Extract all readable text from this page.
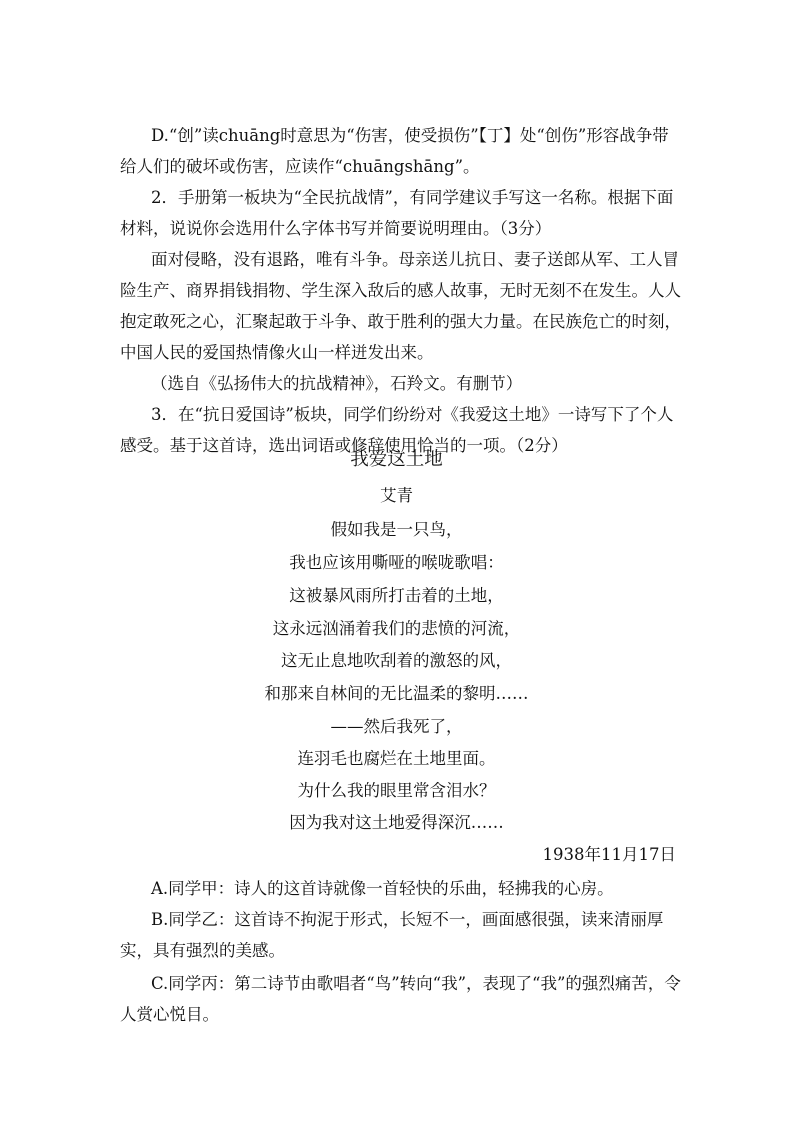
D.“创”读chuāng时意思为“伤害，使受损伤”【丁】处“创伤”形容战争带给人们的破坏或伤害，应读作“chuāngshāng”。

2．手册第一板块为“全民抗战情”，有同学建议手写这一名称。根据下面材料，说说你会选用什么字体书写并简要说明理由。（3分）

面对侵略，没有退路，唯有斗争。母亲送儿抗日、妻子送郎从军、工人冒险生产、商界捐钱捐物、学生深入敌后的感人故事，无时无刻不在发生。人人抱定敢死之心，汇聚起敢于斗争、敢于胜利的强大力量。在民族危亡的时刻，中国人民的爱国热情像火山一样迸发出来。

（选自《弘扬伟大的抗战精神》，石羚文。有删节）

3．在“抗日爱国诗”板块，同学们纷纷对《我爱这土地》一诗写下了个人感受。基于这首诗，选出词语或修辞使用恰当的一项。（2分）

我爱这土地
艾青
假如我是一只鸟，
我也应该用嘶哑的喉咙歌唱：
这被暴风雨所打击着的土地，
这永远汹涌着我们的悲愤的河流，
这无止息地吹刮着的激怒的风，
和那来自林间的无比温柔的黎明……
——然后我死了，
连羽毛也腐烂在土地里面。
为什么我的眼里常含泪水？
因为我对这土地爱得深沉……
1938年11月17日

A.同学甲：诗人的这首诗就像一首轻快的乐曲，轻拂我的心房。

B.同学乙：这首诗不拘泥于形式，长短不一，画面感很强，读来清丽厚实，具有强烈的美感。

C.同学丙：第二诗节由歌唱者“鸟”转向“我”，表现了“我”的强烈痛苦，令人赏心悦目。
